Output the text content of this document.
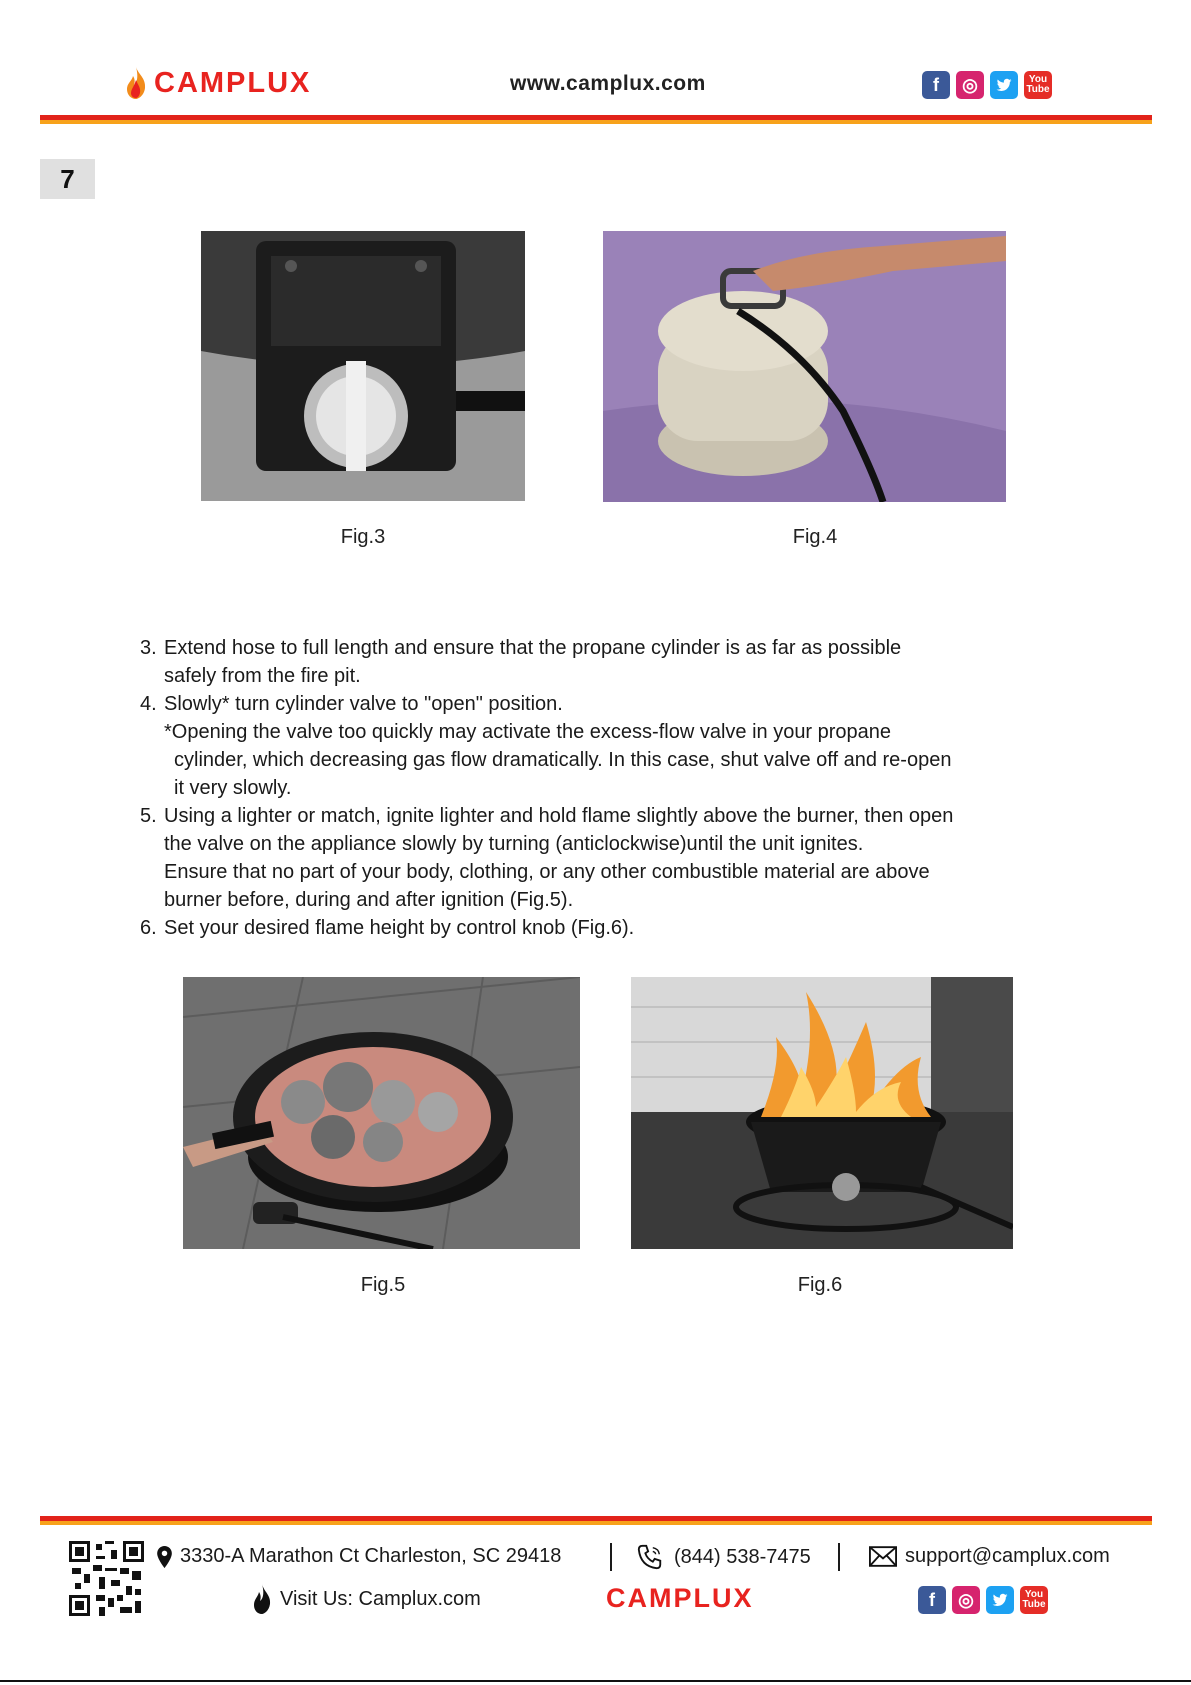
CAMPLUX	www.camplux.com	f	◎	You Tube
7
Fig.3	Fig.4
3. Extend hose to full length and ensure that the propane cylinder is as far as possible
safely from the fire pit.
4. Slowly* turn cylinder valve to "open" position.
*Opening the valve too quickly may activate the excess-flow valve in your propane

cylinder, which decreasing gas flow dramatically. In this case, shut valve off and re-open
it very slowly.
5. Using a lighter or match, ignite lighter and hold flame slightly above the burner, then open
the valve on the appliance slowly by turning (anticlockwise)until the unit ignites.
Ensure that no part of your body, clothing, or any other combustible material are above
burner before, during and after ignition (Fig.5).
6. Set your desired flame height by control knob (Fig.6).
Fig.5	Fig.6
3330-A Marathon Ct Charleston, SC 29418	(844) 538-7475	support@camplux.com
Visit Us: Camplux.com	CAMPLUX	f	◎	You Tube
